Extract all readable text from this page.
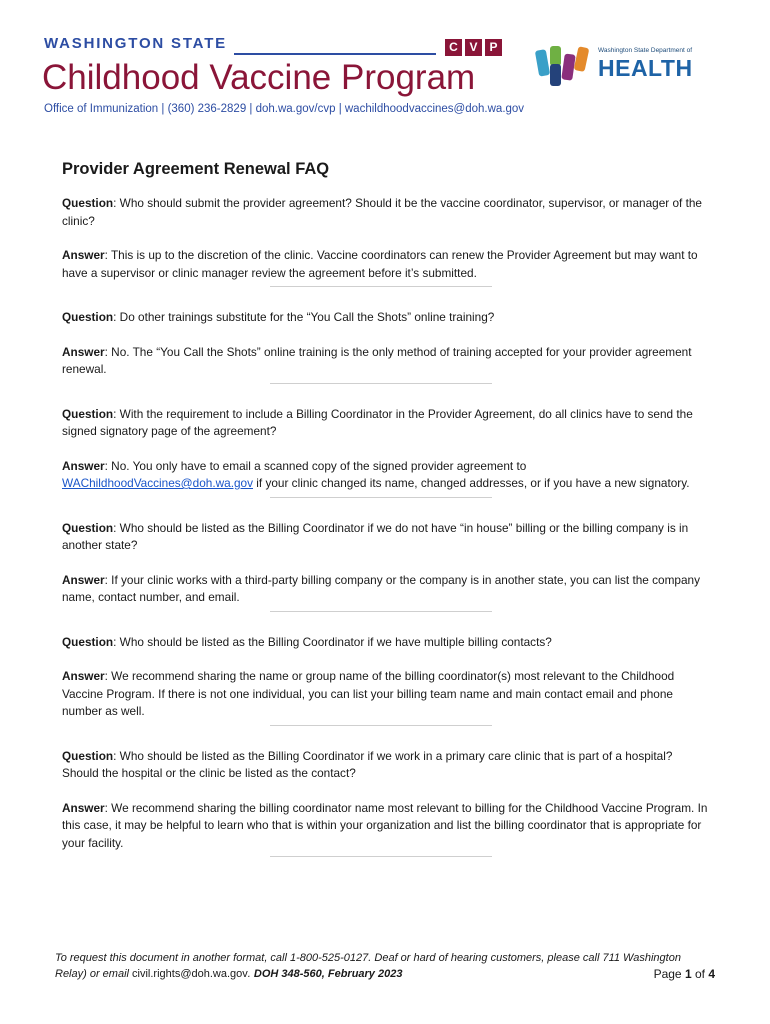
WASHINGTON STATE	C V P
Childhood Vaccine Program
Office of Immunization | (360) 236-2829 | doh.wa.gov/cvp | wachildhoodvaccines@doh.wa.gov
Washington State Department of
HEALTH
Provider Agreement Renewal FAQ

Question: Who should submit the provider agreement? Should it be the vaccine coordinator, supervisor, or manager of the clinic?

Answer: This is up to the discretion of the clinic. Vaccine coordinators can renew the Provider Agreement but may want to have a supervisor or clinic manager review the agreement before it’s submitted.

Question: Do other trainings substitute for the “You Call the Shots” online training?

Answer: No. The “You Call the Shots” online training is the only method of training accepted for your provider agreement renewal.

Question: With the requirement to include a Billing Coordinator in the Provider Agreement, do all clinics have to send the signed signatory page of the agreement?

Answer: No. You only have to email a scanned copy of the signed provider agreement to WAChildhoodVaccines@doh.wa.gov if your clinic changed its name, changed addresses, or if you have a new signatory.

Question: Who should be listed as the Billing Coordinator if we do not have “in house” billing or the billing company is in another state?

Answer: If your clinic works with a third-party billing company or the company is in another state, you can list the company name, contact number, and email.

Question: Who should be listed as the Billing Coordinator if we have multiple billing contacts?

Answer: We recommend sharing the name or group name of the billing coordinator(s) most relevant to the Childhood Vaccine Program. If there is not one individual, you can list your billing team name and main contact email and phone number as well.

Question: Who should be listed as the Billing Coordinator if we work in a primary care clinic that is part of a hospital? Should the hospital or the clinic be listed as the contact?

Answer: We recommend sharing the billing coordinator name most relevant to billing for the Childhood Vaccine Program. In this case, it may be helpful to learn who that is within your organization and list the billing coordinator that is appropriate for your facility.

To request this document in another format, call 1-800-525-0127. Deaf or hard of hearing customers, please call 711 Washington
Relay) or email civil.rights@doh.wa.gov. DOH 348-560, February 2023	Page 1 of 4
